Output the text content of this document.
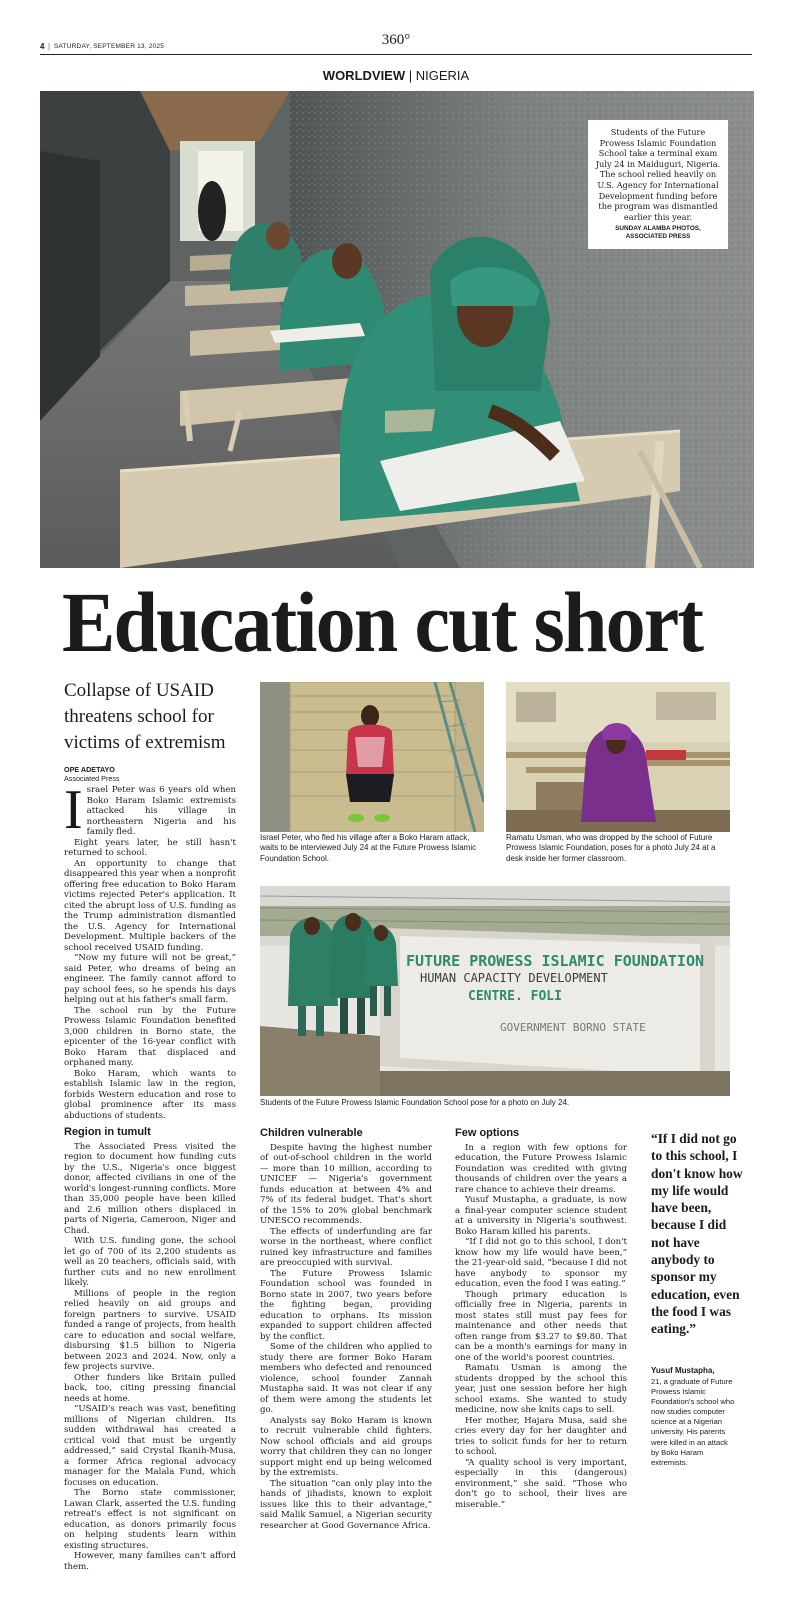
4 | SATURDAY, SEPTEMBER 13, 2025	360°
WORLDVIEW | NIGERIA
Students of the Future Prowess Islamic Foundation School take a terminal exam July 24 in Maiduguri, Nigeria. The school relied heavily on U.S. Agency for International Development funding before the program was dismantled earlier this year.
SUNDAY ALAMBA PHOTOS, ASSOCIATED PRESS
Education cut short
Collapse of USAID threatens school for victims of extremism
OPE ADETAYO
Associated Press
I srael Peter was 6 years old when Boko Haram Islamic extremists attacked his village in northeastern Nigeria and his family fled.

Eight years later, he still hasn't returned to school.

An opportunity to change that disappeared this year when a nonprofit offering free education to Boko Haram victims rejected Peter's application. It cited the abrupt loss of U.S. funding as the Trump administration dismantled the U.S. Agency for International Development. Multiple backers of the school received USAID funding.

“Now my future will not be great,” said Peter, who dreams of being an engineer. The family cannot afford to pay school fees, so he spends his days helping out at his father's small farm.

The school run by the Future Prowess Islamic Foundation benefited 3,000 children in Borno state, the epicenter of the 16-year conflict with Boko Haram that displaced and orphaned many.

Boko Haram, which wants to establish Islamic law in the region, forbids Western education and rose to global prominence after its mass abductions of students.

Region in tumult

The Associated Press visited the region to document how funding cuts by the U.S., Nigeria's once biggest donor, affected civilians in one of the world's longest-running conflicts. More than 35,000 people have been killed and 2.6 million others displaced in parts of Nigeria, Cameroon, Niger and Chad.

With U.S. funding gone, the school let go of 700 of its 2,200 students as well as 20 teachers, officials said, with further cuts and no new enrollment likely.

Millions of people in the region relied heavily on aid groups and foreign partners to survive. USAID funded a range of projects, from health care to education and social welfare, disbursing $1.5 billion to Nigeria between 2023 and 2024. Now, only a few projects survive.

Other funders like Britain pulled back, too, citing pressing financial needs at home.

“USAID's reach was vast, benefiting millions of Nigerian children. Its sudden withdrawal has created a critical void that must be urgently addressed,” said Crystal Ikanih-Musa, a former Africa regional advocacy manager for the Malala Fund, which focuses on education.

The Borno state commissioner, Lawan Clark, asserted the U.S. funding retreat's effect is not significant on education, as donors primarily focus on helping students learn within existing structures.

However, many families can't afford them.

Israel Peter, who fled his village after a Boko Haram attack, waits to be interviewed July 24 at the Future Prowess Islamic Foundation School.
Ramatu Usman, who was dropped by the school of Future Prowess Islamic Foundation, poses for a photo July 24 at a desk inside her former classroom.
FUTURE PROWESS ISLAMIC FOUNDATION
HUMAN CAPACITY DEVELOPMENT
CENTRE. FOLI
GOVERNMENT BORNO STATE
Students of the Future Prowess Islamic Foundation School pose for a photo on July 24.
Children vulnerable

Despite having the highest number of out-of-school children in the world — more than 10 million, according to UNICEF — Nigeria's government funds education at between 4% and 7% of its federal budget. That's short of the 15% to 20% global benchmark UNESCO recommends.

The effects of underfunding are far worse in the northeast, where conflict ruined key infrastructure and families are preoccupied with survival.

The Future Prowess Islamic Foundation school was founded in Borno state in 2007, two years before the fighting began, providing education to orphans. Its mission expanded to support children affected by the conflict.

Some of the children who applied to study there are former Boko Haram members who defected and renounced violence, school founder Zannah Mustapha said. It was not clear if any of them were among the students let go.

Analysts say Boko Haram is known to recruit vulnerable child fighters. Now school officials and aid groups worry that children they can no longer support might end up being welcomed by the extremists.

The situation “can only play into the hands of jihadists, known to exploit issues like this to their advantage,” said Malik Samuel, a Nigerian security researcher at Good Governance Africa.

Few options

In a region with few options for education, the Future Prowess Islamic Foundation was credited with giving thousands of children over the years a rare chance to achieve their dreams.

Yusuf Mustapha, a graduate, is now a final-year computer science student at a university in Nigeria's southwest. Boko Haram killed his parents.

“If I did not go to this school, I don't know how my life would have been,” the 21-year-old said, “because I did not have anybody to sponsor my education, even the food I was eating.”

Though primary education is officially free in Nigeria, parents in most states still must pay fees for maintenance and other needs that often range from $3.27 to $9.80. That can be a month's earnings for many in one of the world's poorest countries.

Ramatu Usman is among the students dropped by the school this year, just one session before her high school exams. She wanted to study medicine, now she knits caps to sell.

Her mother, Hajara Musa, said she cries every day for her daughter and tries to solicit funds for her to return to school.

“A quality school is very important, especially in this (dangerous) environment,” she said. “Those who don't go to school, their lives are miserable.”

“If I did not go to this school, I don't know how my life would have been, because I did not have anybody to sponsor my education, even the food I was eating.”
Yusuf Mustapha,
21, a graduate of Future Prowess Islamic Foundation's school who now studies computer science at a Nigerian university. His parents were killed in an attack by Boko Haram extremists.
